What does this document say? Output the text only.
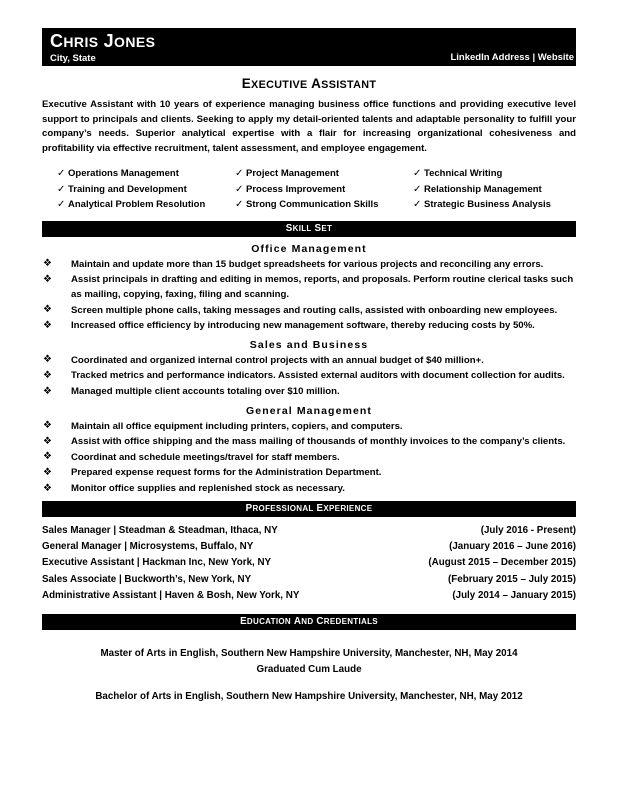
CHRIS JONES
City, State	LinkedIn Address | Website
EXECUTIVE ASSISTANT
Executive Assistant with 10 years of experience managing business office functions and providing executive level support to principals and clients. Seeking to apply my detail-oriented talents and adaptable personality to fulfill your company’s needs. Superior analytical expertise with a flair for increasing organizational cohesiveness and profitability via effective recruitment, talent assessment, and employee engagement.
✓ Operations Management	✓ Project Management	✓ Technical Writing
✓ Training and Development	✓ Process Improvement	✓ Relationship Management
✓ Analytical Problem Resolution	✓ Strong Communication Skills	✓ Strategic Business Analysis
SKILL SET
Office Management
❖ Maintain and update more than 15 budget spreadsheets for various projects and reconciling any errors.
❖ Assist principals in drafting and editing in memos, reports, and proposals. Perform routine clerical tasks such as mailing, copying, faxing, filing and scanning.
❖ Screen multiple phone calls, taking messages and routing calls, assisted with onboarding new employees.
❖ Increased office efficiency by introducing new management software, thereby reducing costs by 50%.
Sales and Business
❖ Coordinated and organized internal control projects with an annual budget of $40 million+.
❖ Tracked metrics and performance indicators. Assisted external auditors with document collection for audits.
❖ Managed multiple client accounts totaling over $10 million.
General Management
❖ Maintain all office equipment including printers, copiers, and computers.
❖ Assist with office shipping and the mass mailing of thousands of monthly invoices to the company’s clients.
❖ Coordinat and schedule meetings/travel for staff members.
❖ Prepared expense request forms for the Administration Department.
❖ Monitor office supplies and replenished stock as necessary.
PROFESSIONAL EXPERIENCE
Sales Manager | Steadman & Steadman, Ithaca, NY	(July 2016 - Present)
General Manager | Microsystems, Buffalo, NY	(January 2016 – June 2016)
Executive Assistant | Hackman Inc, New York, NY	(August 2015 – December 2015)
Sales Associate | Buckworth’s, New York, NY	(February 2015 – July 2015)
Administrative Assistant | Haven & Bosh, New York, NY	(July 2014 – January 2015)
EDUCATION AND CREDENTIALS
Master of Arts in English, Southern New Hampshire University, Manchester, NH, May 2014
Graduated Cum Laude
Bachelor of Arts in English, Southern New Hampshire University, Manchester, NH, May 2012
